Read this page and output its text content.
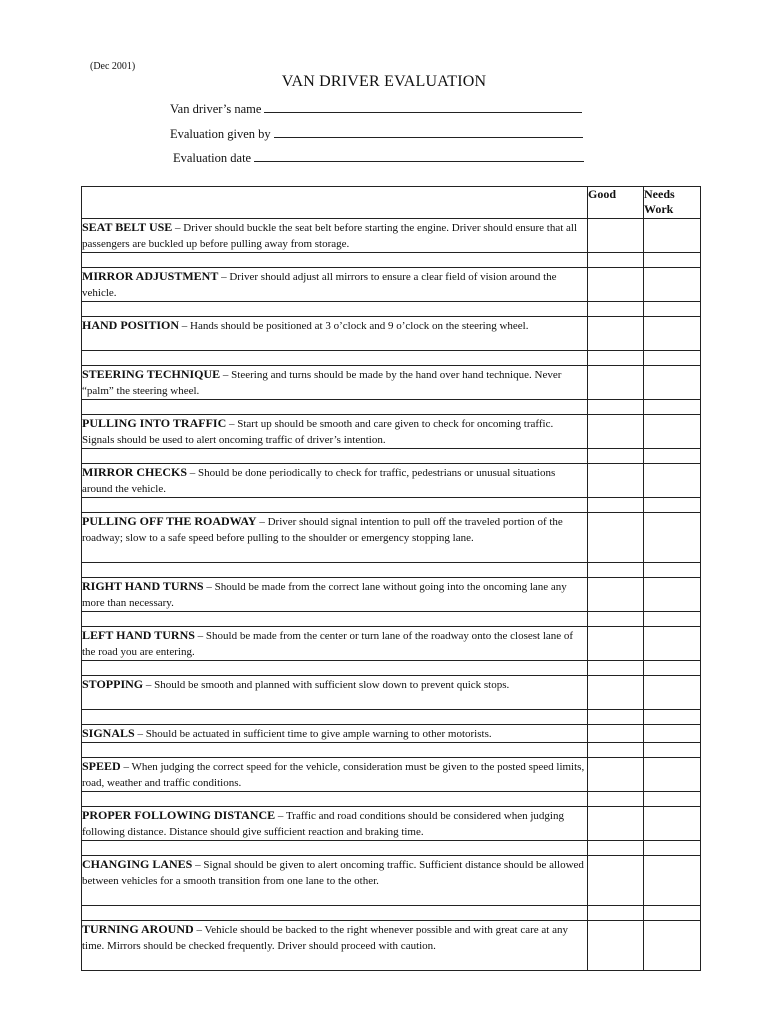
(Dec 2001)
VAN DRIVER EVALUATION
Van driver’s name
Evaluation given by
Evaluation date
	Good	Needs Work
SEAT BELT USE – Driver should buckle the seat belt before starting the engine. Driver should ensure that all passengers are buckled up before pulling away from storage.		

MIRROR ADJUSTMENT – Driver should adjust all mirrors to ensure a clear field of vision around the vehicle.		

HAND POSITION – Hands should be positioned at 3 o’clock and 9 o’clock on the steering wheel.		

STEERING TECHNIQUE – Steering and turns should be made by the hand over hand technique. Never “palm” the steering wheel.		

PULLING INTO TRAFFIC – Start up should be smooth and care given to check for oncoming traffic. Signals should be used to alert oncoming traffic of driver’s intention.		

MIRROR CHECKS – Should be done periodically to check for traffic, pedestrians or unusual situations around the vehicle.		

PULLING OFF THE ROADWAY – Driver should signal intention to pull off the traveled portion of the roadway; slow to a safe speed before pulling to the shoulder or emergency stopping lane.		

RIGHT HAND TURNS – Should be made from the correct lane without going into the oncoming lane any more than necessary.		

LEFT HAND TURNS – Should be made from the center or turn lane of the roadway onto the closest lane of the road you are entering.		

STOPPING – Should be smooth and planned with sufficient slow down to prevent quick stops.		

SIGNALS – Should be actuated in sufficient time to give ample warning to other motorists.		

SPEED – When judging the correct speed for the vehicle, consideration must be given to the posted speed limits, road, weather and traffic conditions.		

PROPER FOLLOWING DISTANCE – Traffic and road conditions should be considered when judging following distance. Distance should give sufficient reaction and braking time.		

CHANGING LANES – Signal should be given to alert oncoming traffic. Sufficient distance should be allowed between vehicles for a smooth transition from one lane to the other.		

TURNING AROUND – Vehicle should be backed to the right whenever possible and with great care at any time. Mirrors should be checked frequently. Driver should proceed with caution.		
